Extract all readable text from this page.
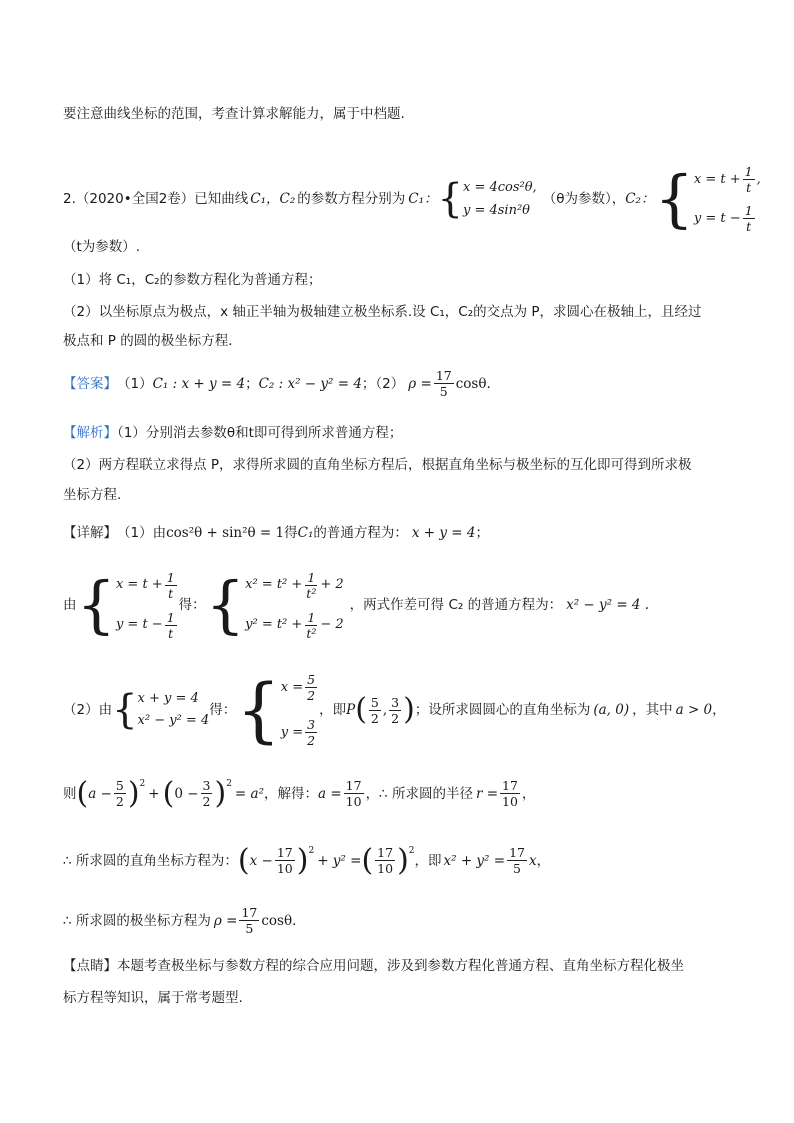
要注意曲线坐标的范围，考查计算求解能力，属于中档题.
2.（2020•全国2卷）已知曲线 C₁，C₂ 的参数方程分别为 C₁： { x = 4cos²θ,
y = 4sin²θ
（θ为参数）， C₂： { $x = t + \frac{1}{t}$ ,
$y = t - \frac{1}{t}$
（t为参数）.
（1）将 C₁，C₂的参数方程化为普通方程；
（2）以坐标原点为极点，x 轴正半轴为极轴建立极坐标系.设 C₁，C₂的交点为 P，求圆心在极轴上，且经过
极点和 P 的圆的极坐标方程.
【答案】 （1） C₁ : x + y = 4 ； C₂ : x² − y² = 4 ；（2） $\rho = \frac{17}{5} \cos\theta$.
【解析】（1）分别消去参数θ和t即可得到所求普通方程；
（2）两方程联立求得点 P，求得所求圆的直角坐标方程后，根据直角坐标与极坐标的互化即可得到所求极
坐标方程.
【详解】 （1）由 cos²θ + sin²θ = 1 得 C₁ 的普通方程为： x + y = 4 ；
由 { $x = t + \frac{1}{t}$
$y = t - \frac{1}{t}$
得： { $x^2 = t^2 + \frac{1}{\text{t²}} + 2$
$y^2 = t^2 + \frac{1}{\text{t²}} - 2$
，两式作差可得 C₂ 的普通方程为： x² − y² = 4 .
（2）由 { x + y = 4
x² − y² = 4
得： { $x = \frac{5}{2}$
$y = \frac{3}{2}$
，即 P ( $\frac{5}{2}$ , $\frac{3}{2}$ ) ；设所求圆圆心的直角坐标为 (a, 0) ，其中 a > 0 ，
则 ( $a - \frac{5}{2} )^2$
+ ( $0 - \frac{3}{2} )^2$
= a² ，解得： $a = \frac{17}{10}$ ，∴ 所求圆的半径 $r = \frac{17}{10}$ ，
∴ 所求圆的直角坐标方程为： ( $x - \frac{17}{10} )^2$
+ y² = ( $\frac{17}{10} )^2$
，即 $x^2 + y^2 = \frac{17}{5}$ x ，
∴ 所求圆的极坐标方程为 $\rho = \frac{17}{5} \cos\theta$.
【点睛】本题考查极坐标与参数方程的综合应用问题，涉及到参数方程化普通方程、直角坐标方程化极坐
标方程等知识，属于常考题型.
